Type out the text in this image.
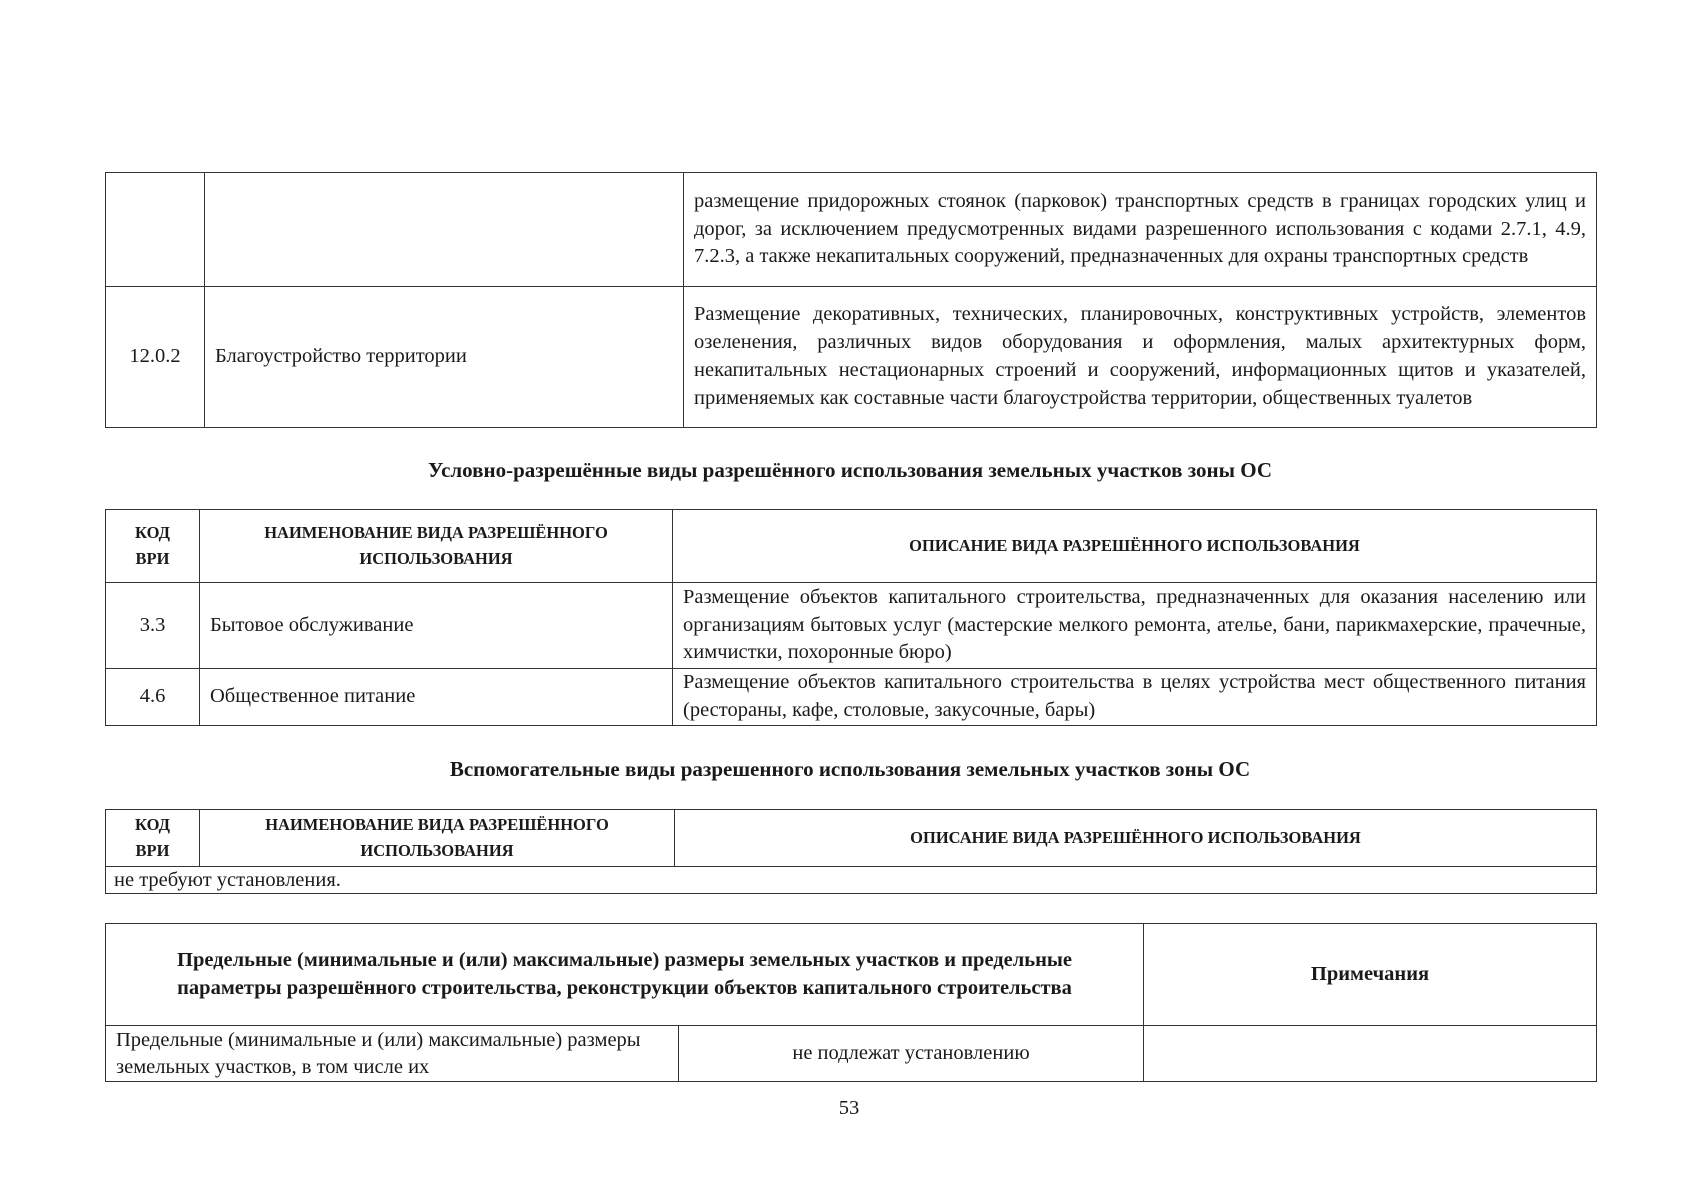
		размещение придорожных стоянок (парковок) транспортных средств в границах городских улиц и дорог, за исключением предусмотренных видами разрешенного использования с кодами 2.7.1, 4.9, 7.2.3, а также некапитальных сооружений, предназначенных для охраны транспортных средств
12.0.2	Благоустройство территории	Размещение декоративных, технических, планировочных, конструктивных устройств, элементов озеленения, различных видов оборудования и оформления, малых архитектурных форм, некапитальных нестационарных строений и сооружений, информационных щитов и указателей, применяемых как составные части благоустройства территории, общественных туалетов
Условно-разрешённые виды разрешённого использования земельных участков зоны ОС
КОД ВРИ	НАИМЕНОВАНИЕ ВИДА РАЗРЕШЁННОГО ИСПОЛЬЗОВАНИЯ	ОПИСАНИЕ ВИДА РАЗРЕШЁННОГО ИСПОЛЬЗОВАНИЯ
3.3	Бытовое обслуживание	Размещение объектов капитального строительства, предназначенных для оказания населению или организациям бытовых услуг (мастерские мелкого ремонта, ателье, бани, парикмахерские, прачечные, химчистки, похоронные бюро)
4.6	Общественное питание	Размещение объектов капитального строительства в целях устройства мест общественного питания (рестораны, кафе, столовые, закусочные, бары)
Вспомогательные виды разрешенного использования земельных участков зоны ОС
КОД ВРИ	НАИМЕНОВАНИЕ ВИДА РАЗРЕШЁННОГО ИСПОЛЬЗОВАНИЯ	ОПИСАНИЕ ВИДА РАЗРЕШЁННОГО ИСПОЛЬЗОВАНИЯ
не требуют установления.
Предельные (минимальные и (или) максимальные) размеры земельных участков и предельные параметры разрешённого строительства, реконструкции объектов капитального строительства		Примечания
Предельные (минимальные и (или) максимальные) размеры земельных участков, в том числе их	не подлежат установлению	
53
